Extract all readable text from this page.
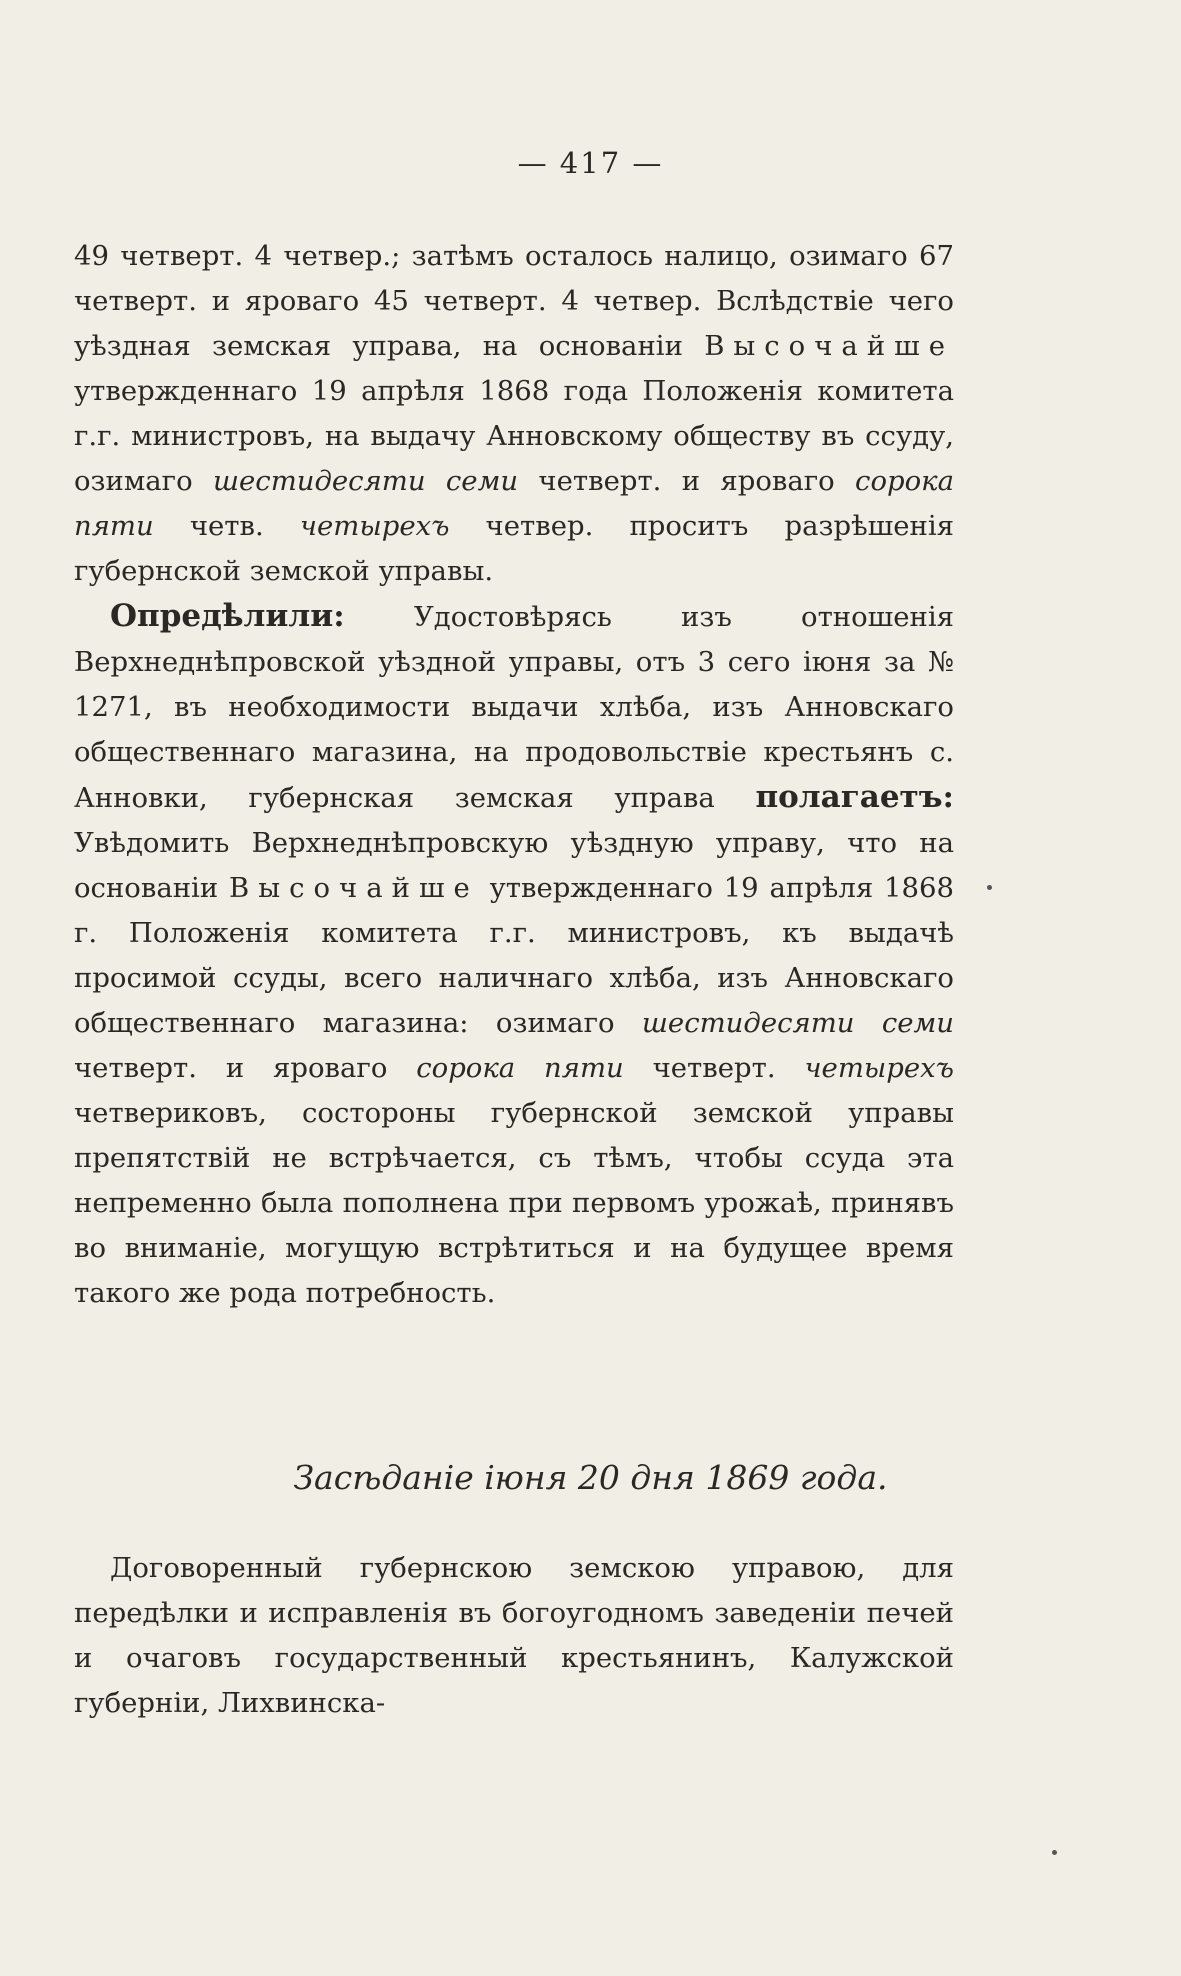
— 417 —

49 четверт. 4 четвер.; затѣмъ осталось налицо, озимаго 67 четверт. и яроваго 45 четверт. 4 четвер. Вслѣдствіе чего уѣздная земская управа, на основаніи Высочайше утвержденнаго 19 апрѣля 1868 года Положенія комитета г.г. министровъ, на выдачу Анновскому обществу въ ссуду, озимаго шестидесяти семи четверт. и яроваго сорока пяти четв. четырехъ четвер. проситъ разрѣшенія губернской земской управы.

Опредѣлили: Удостовѣрясь изъ отношенія Верхнеднѣпровской уѣздной управы, отъ 3 сего іюня за № 1271, въ необходимости выдачи хлѣба, изъ Анновскаго общественнаго магазина, на продовольствіе крестьянъ с. Анновки, губернская земская управа полагаетъ: Увѣдомить Верхнеднѣпровскую уѣздную управу, что на основаніи Высочайше утвержденнаго 19 апрѣля 1868 г. Положенія комитета г.г. министровъ, къ выдачѣ просимой ссуды, всего наличнаго хлѣба, изъ Анновскаго общественнаго магазина: озимаго шестидесяти семи четверт. и яроваго сорока пяти четверт. четырехъ четвериковъ, состороны губернской земской управы препятствій не встрѣчается, съ тѣмъ, чтобы ссуда эта непременно была пополнена при первомъ урожаѣ, принявъ во вниманіе, могущую встрѣтиться и на будущее время такого же рода потребность.

Засѣданіе іюня 20 дня 1869 года.

Договоренный губернскою земскою управою, для передѣлки и исправленія въ богоугодномъ заведеніи печей и очаговъ государственный крестьянинъ, Калужской губерніи, Лихвинска-
